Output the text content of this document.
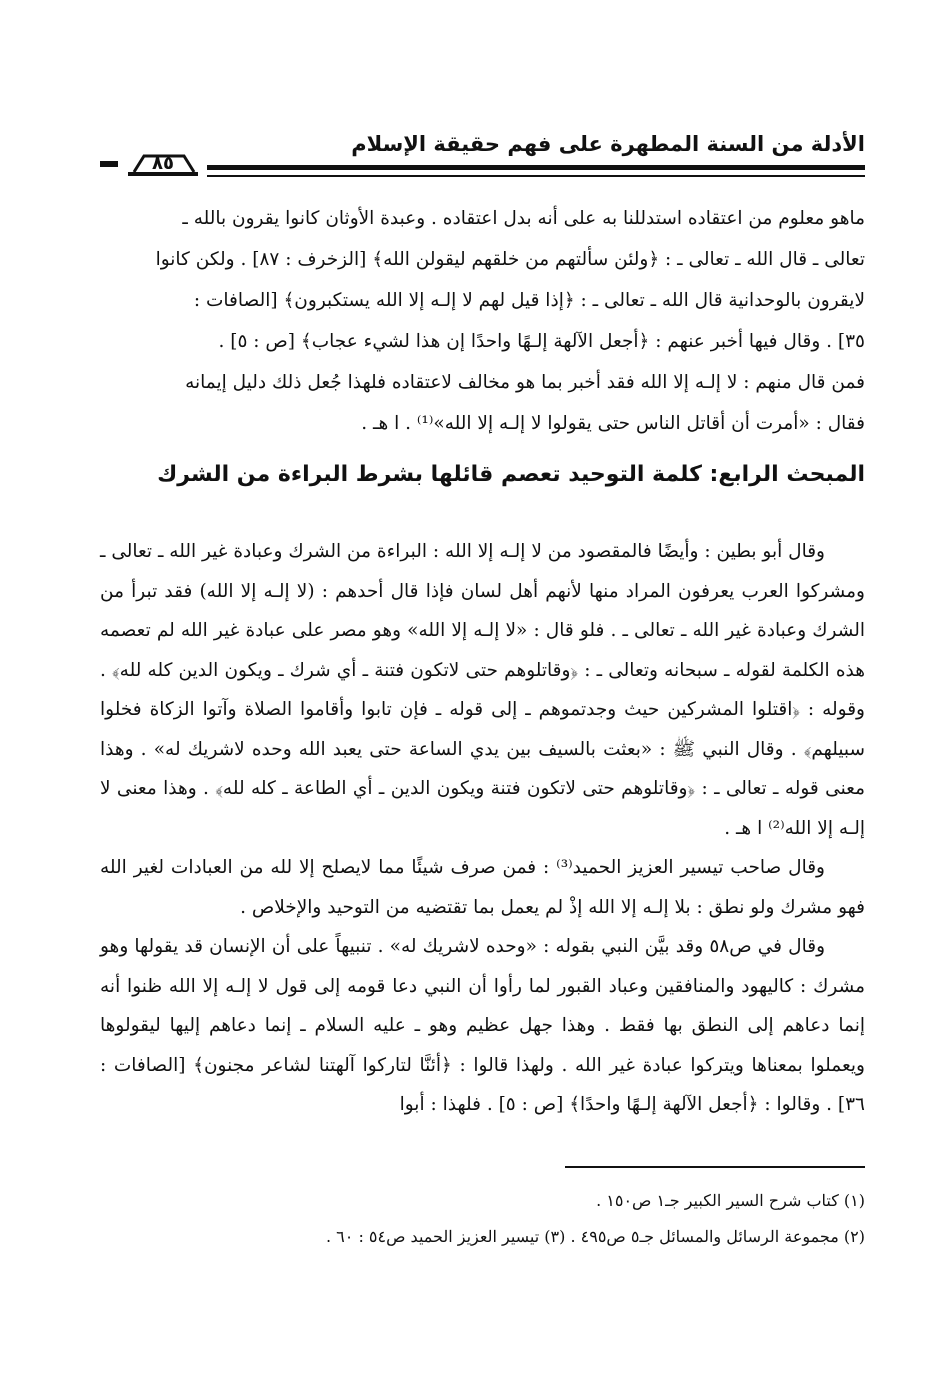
الأدلة من السنة المطهرة على فهم حقيقة الإسلام
٨٥
ماهو معلوم من اعتقاده استدللنا به على أنه بدل اعتقاده . وعبدة الأوثان كانوا يقرون بالله ـ
تعالى ـ قال الله ـ تعالى ـ : ﴿ولئن سألتهم من خلقهم ليقولن الله﴾ [الزخرف : ٨٧] . ولكن كانوا
لايقرون بالوحدانية قال الله ـ تعالى ـ : ﴿إذا قيل لهم لا إلـه إلا الله يستكبرون﴾ [الصافات :
٣٥] . وقال فيها أخبر عنهم : ﴿أجعل الآلهة إلـهًا واحدًا إن هذا لشيء عجاب﴾ [ص : ٥] .
فمن قال منهم : لا إلـه إلا الله فقد أخبر بما هو مخالف لاعتقاده فلهذا جُعل ذلك دليل إيمانه
فقال : «أمرت أن أقاتل الناس حتى يقولوا لا إلـه إلا الله»⁽¹⁾ . ا هـ .
المبحث الرابع: كلمة التوحيد تعصم قائلها بشرط البراءة من الشرك

وقال أبو بطين : وأيضًا فالمقصود من لا إلـه إلا الله : البراءة من الشرك وعبادة غير الله ـ تعالى ـ ومشركوا العرب يعرفون المراد منها لأنهم أهل لسان فإذا قال أحدهم : (لا إلـه إلا الله) فقد تبرأ من الشرك وعبادة غير الله ـ تعالى ـ . فلو قال : «لا إلـه إلا الله» وهو مصر على عبادة غير الله لم تعصمه هذه الكلمة لقوله ـ سبحانه وتعالى ـ : ﴿وقاتلوهم حتى لاتكون فتنة ـ أي شرك ـ ويكون الدين كله لله﴾ . وقوله : ﴿اقتلوا المشركين حيث وجدتموهم ـ إلى قوله ـ فإن تابوا وأقاموا الصلاة وآتوا الزكاة فخلوا سبيلهم﴾ . وقال النبي ﷺ : «بعثت بالسيف بين يدي الساعة حتى يعبد الله وحده لاشريك له» . وهذا معنى قوله ـ تعالى ـ : ﴿وقاتلوهم حتى لاتكون فتنة ويكون الدين ـ أي الطاعة ـ كله لله﴾ . وهذا معنى لا إلـه إلا الله⁽²⁾ ا هـ .

وقال صاحب تيسير العزيز الحميد⁽³⁾ : فمن صرف شيئًا مما لايصلح إلا لله من العبادات لغير الله فهو مشرك ولو نطق : بلا إلـه إلا الله إذْ لم يعمل بما تقتضيه من التوحيد والإخلاص .

وقال في ص٥٨ وقد بيَّن النبي بقوله : «وحده لاشريك له» . تنبيهاً على أن الإنسان قد يقولها وهو مشرك : كاليهود والمنافقين وعباد القبور لما رأوا أن النبي دعا قومه إلى قول لا إلـه إلا الله ظنوا أنه إنما دعاهم إلى النطق بها فقط . وهذا جهل عظيم وهو ـ عليه السلام ـ إنما دعاهم إليها ليقولوها ويعملوا بمعناها ويتركوا عبادة غير الله . ولهذا قالوا : ﴿أئنَّا لتاركوا آلهتنا لشاعر مجنون﴾ [الصافات : ٣٦] . وقالوا : ﴿أجعل الآلهة إلـهًا واحدًا﴾ [ص : ٥] . فلهذا : أبوا

(١) كتاب شرح السير الكبير جـ١ ص١٥٠ .
(٢) مجموعة الرسائل والمسائل جـ٥ ص٤٩٥ . (٣) تيسير العزيز الحميد ص٥٤ : ٦٠ .
